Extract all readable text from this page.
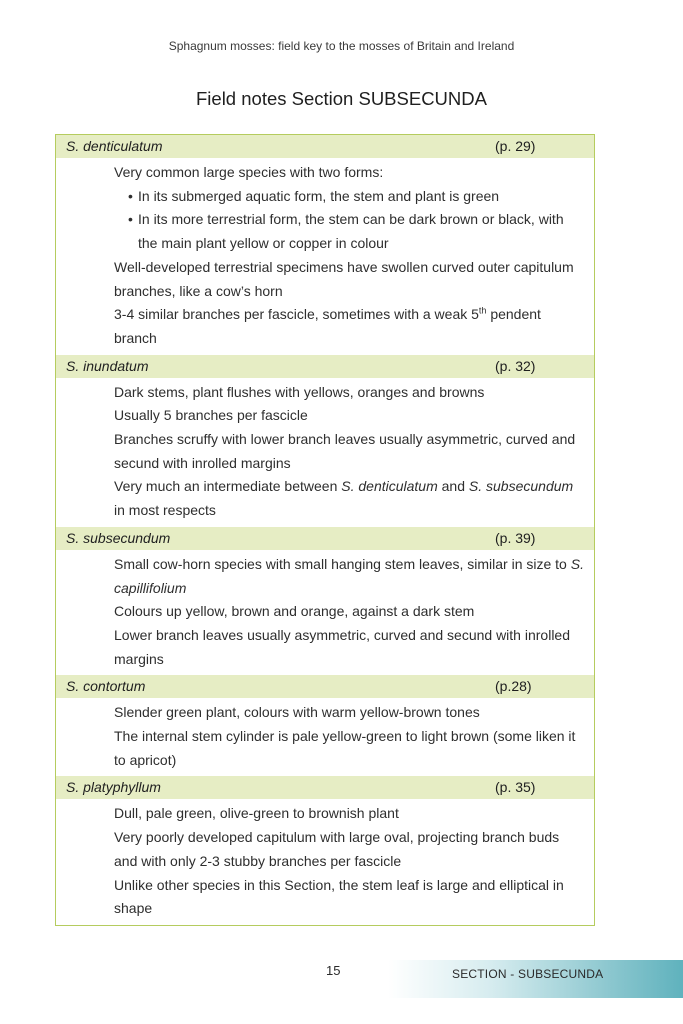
Sphagnum mosses: field key to the mosses of Britain and Ireland
Field notes Section SUBSECUNDA
S. denticulatum	(p. 29)
Very common large species with two forms:
• In its submerged aquatic form, the stem and plant is green
• In its more terrestrial form, the stem can be dark brown or black, with the main plant yellow or copper in colour
Well-developed terrestrial specimens have swollen curved outer capitulum branches, like a cow’s horn
3-4 similar branches per fascicle, sometimes with a weak 5th pendent branch
S. inundatum	(p. 32)
Dark stems, plant flushes with yellows, oranges and browns
Usually 5 branches per fascicle
Branches scruffy with lower branch leaves usually asymmetric, curved and secund with inrolled margins
Very much an intermediate between S. denticulatum and S. subsecundum in most respects
S. subsecundum	(p. 39)
Small cow-horn species with small hanging stem leaves, similar in size to S. capillifolium
Colours up yellow, brown and orange, against a dark stem
Lower branch leaves usually asymmetric, curved and secund with inrolled margins
S. contortum	(p.28)
Slender green plant, colours with warm yellow-brown tones
The internal stem cylinder is pale yellow-green to light brown (some liken it to apricot)
S. platyphyllum	(p. 35)
Dull, pale green, olive-green to brownish plant
Very poorly developed capitulum with large oval, projecting branch buds and with only 2-3 stubby branches per fascicle
Unlike other species in this Section, the stem leaf is large and elliptical in shape
15	SECTION - SUBSECUNDA
